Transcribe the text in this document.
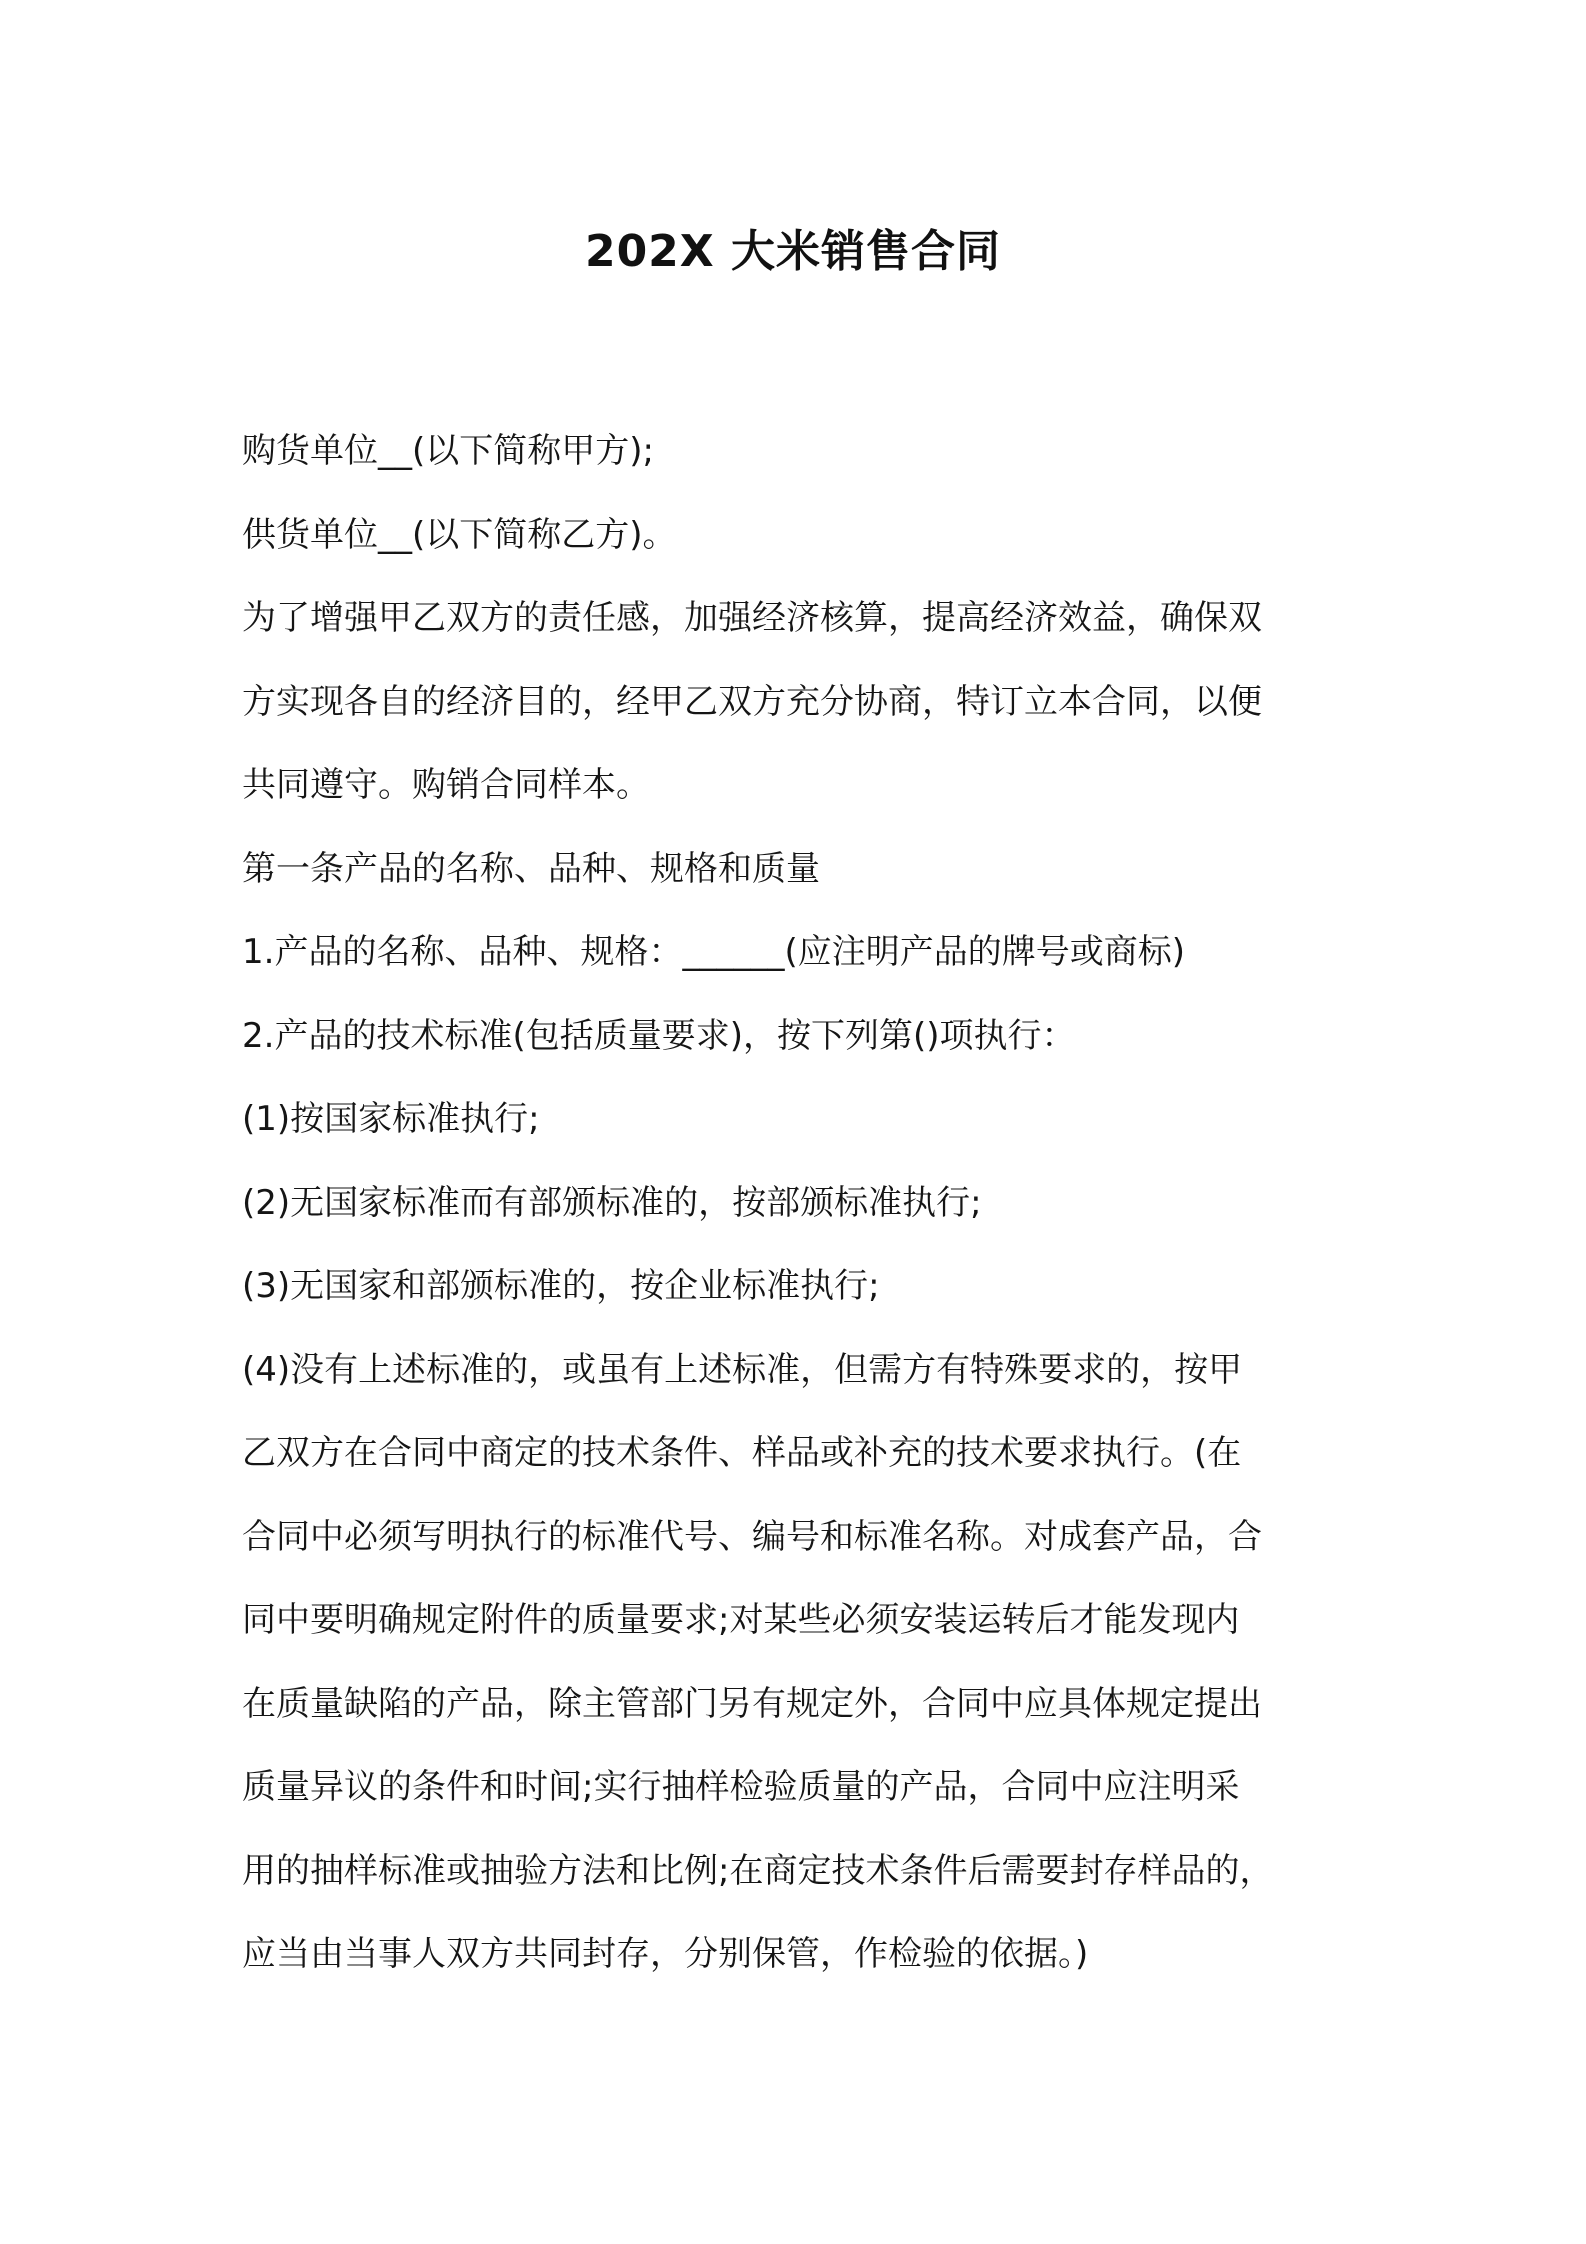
202X 大米销售合同
购货单位__(以下简称甲方);
供货单位__(以下简称乙方)。
为了增强甲乙双方的责任感，加强经济核算，提高经济效益，确保双
方实现各自的经济目的，经甲乙双方充分协商，特订立本合同，以便
共同遵守。购销合同样本。
第一条产品的名称、品种、规格和质量
1.产品的名称、品种、规格：______(应注明产品的牌号或商标)
2.产品的技术标准(包括质量要求)，按下列第()项执行：
(1)按国家标准执行;
(2)无国家标准而有部颁标准的，按部颁标准执行;
(3)无国家和部颁标准的，按企业标准执行;
(4)没有上述标准的，或虽有上述标准，但需方有特殊要求的，按甲
乙双方在合同中商定的技术条件、样品或补充的技术要求执行。(在
合同中必须写明执行的标准代号、编号和标准名称。对成套产品，合
同中要明确规定附件的质量要求;对某些必须安装运转后才能发现内
在质量缺陷的产品，除主管部门另有规定外，合同中应具体规定提出
质量异议的条件和时间;实行抽样检验质量的产品，合同中应注明采
用的抽样标准或抽验方法和比例;在商定技术条件后需要封存样品的，
应当由当事人双方共同封存，分别保管，作检验的依据。)
